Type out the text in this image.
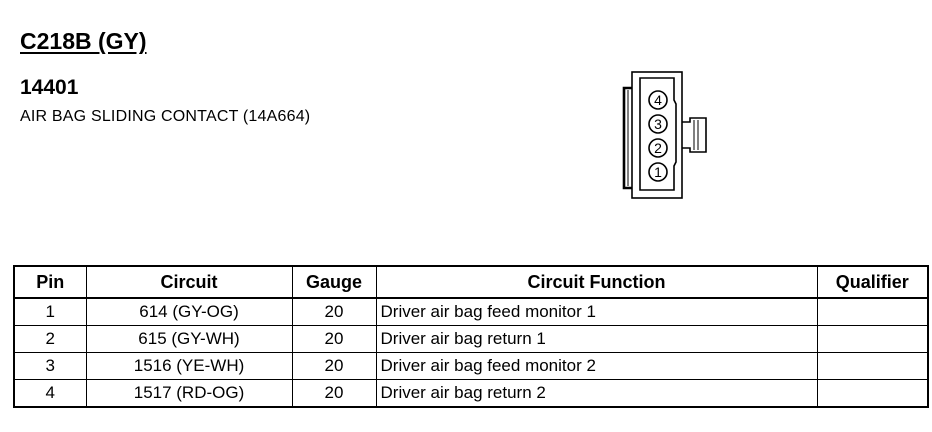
C218B (GY)
14401
AIR BAG SLIDING CONTACT (14A664)
4
3
2
1
Pin	Circuit	Gauge	Circuit Function	Qualifier
1	614 (GY-OG)	20	Driver air bag feed monitor 1	
2	615 (GY-WH)	20	Driver air bag return 1	
3	1516 (YE-WH)	20	Driver air bag feed monitor 2	
4	1517 (RD-OG)	20	Driver air bag return 2	
